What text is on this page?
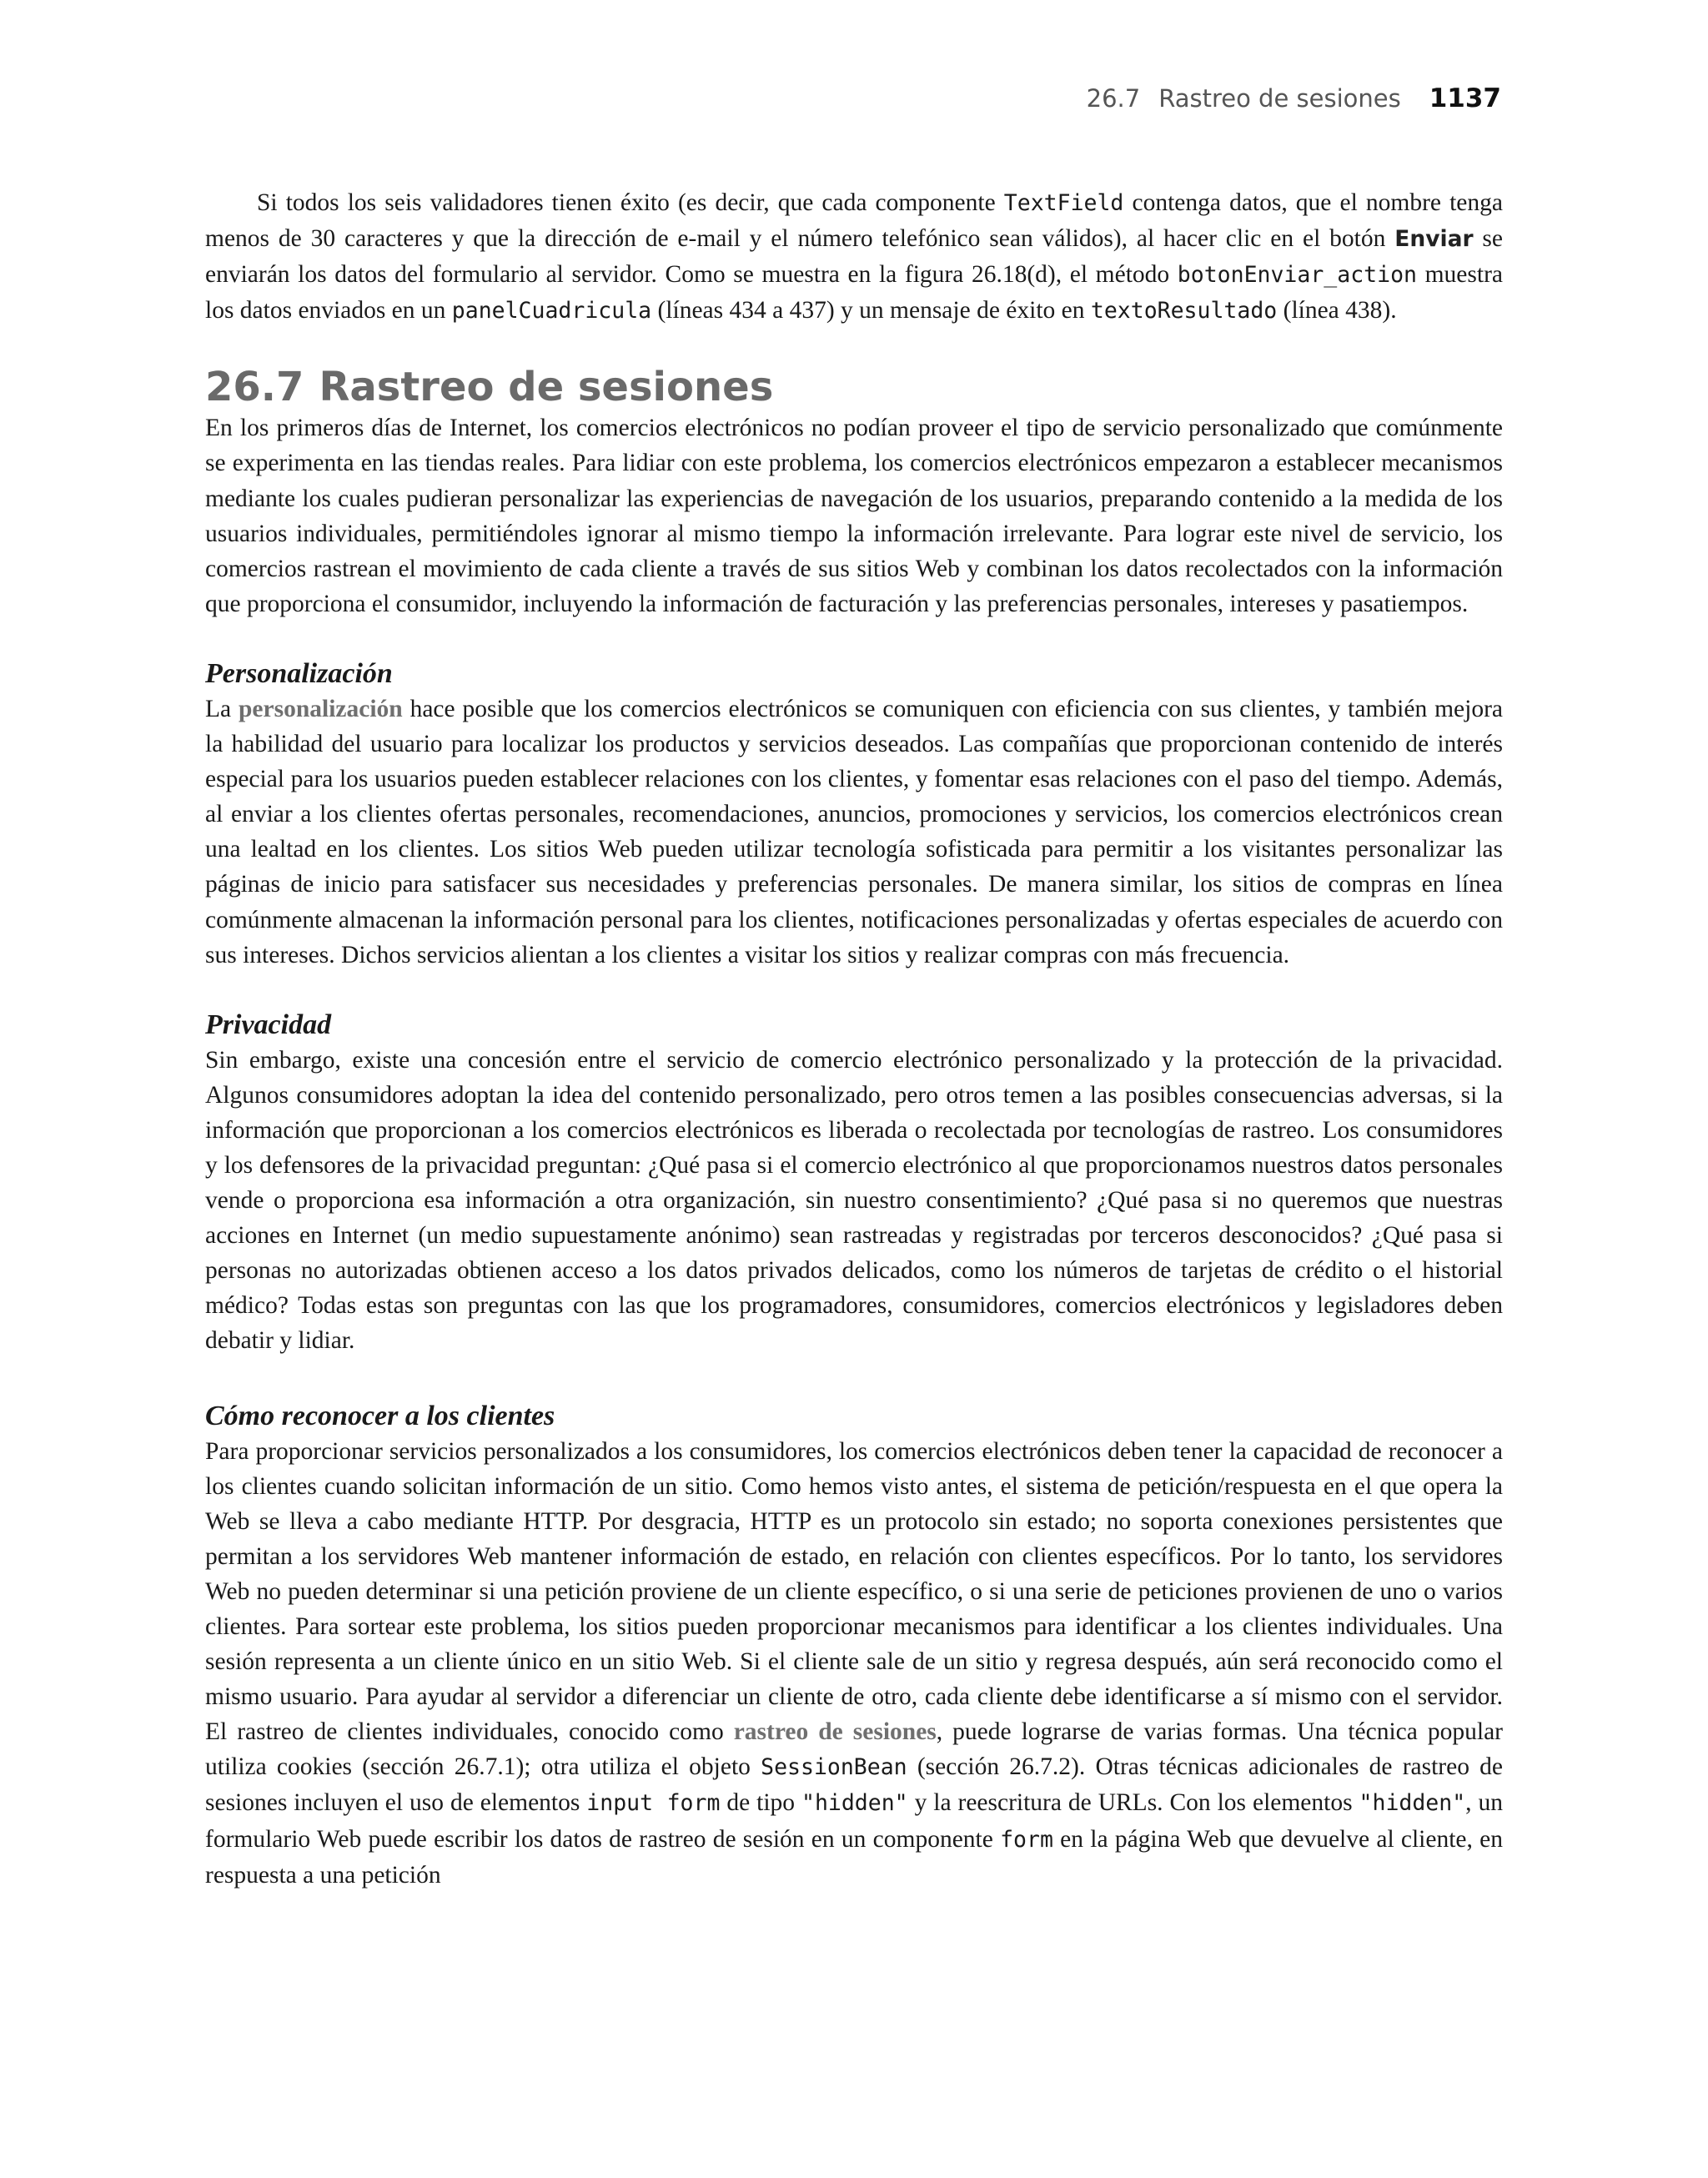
26.7 Rastreo de sesiones 1137

Si todos los seis validadores tienen éxito (es decir, que cada componente TextField contenga datos, que el nombre tenga menos de 30 caracteres y que la dirección de e-mail y el número telefónico sean válidos), al hacer clic en el botón Enviar se enviarán los datos del formulario al servidor. Como se muestra en la figura 26.18(d), el método botonEnviar_action muestra los datos enviados en un panelCuadricula (líneas 434 a 437) y un mensaje de éxito en textoResultado (línea 438).

26.7 Rastreo de sesiones

En los primeros días de Internet, los comercios electrónicos no podían proveer el tipo de servicio personalizado que comúnmente se experimenta en las tiendas reales. Para lidiar con este problema, los comercios electrónicos empezaron a establecer mecanismos mediante los cuales pudieran personalizar las experiencias de navegación de los usuarios, preparando contenido a la medida de los usuarios individuales, permitiéndoles ignorar al mismo tiempo la información irrelevante. Para lograr este nivel de servicio, los comercios rastrean el movimiento de cada cliente a través de sus sitios Web y combinan los datos recolectados con la información que proporciona el consumidor, incluyendo la información de facturación y las preferencias personales, intereses y pasatiempos.

Personalización

La personalización hace posible que los comercios electrónicos se comuniquen con eficiencia con sus clientes, y también mejora la habilidad del usuario para localizar los productos y servicios deseados. Las compañías que proporcionan contenido de interés especial para los usuarios pueden establecer relaciones con los clientes, y fomentar esas relaciones con el paso del tiempo. Además, al enviar a los clientes ofertas personales, recomendaciones, anuncios, promociones y servicios, los comercios electrónicos crean una lealtad en los clientes. Los sitios Web pueden utilizar tecnología sofisticada para permitir a los visitantes personalizar las páginas de inicio para satisfacer sus necesidades y preferencias personales. De manera similar, los sitios de compras en línea comúnmente almacenan la información personal para los clientes, notificaciones personalizadas y ofertas especiales de acuerdo con sus intereses. Dichos servicios alientan a los clientes a visitar los sitios y realizar compras con más frecuencia.

Privacidad

Sin embargo, existe una concesión entre el servicio de comercio electrónico personalizado y la protección de la privacidad. Algunos consumidores adoptan la idea del contenido personalizado, pero otros temen a las posibles consecuencias adversas, si la información que proporcionan a los comercios electrónicos es liberada o recolectada por tecnologías de rastreo. Los consumidores y los defensores de la privacidad preguntan: ¿Qué pasa si el comercio electrónico al que proporcionamos nuestros datos personales vende o proporciona esa información a otra organización, sin nuestro consentimiento? ¿Qué pasa si no queremos que nuestras acciones en Internet (un medio supuestamente anónimo) sean rastreadas y registradas por terceros desconocidos? ¿Qué pasa si personas no autorizadas obtienen acceso a los datos privados delicados, como los números de tarjetas de crédito o el historial médico? Todas estas son preguntas con las que los programadores, consumidores, comercios electrónicos y legisladores deben debatir y lidiar.

Cómo reconocer a los clientes

Para proporcionar servicios personalizados a los consumidores, los comercios electrónicos deben tener la capacidad de reconocer a los clientes cuando solicitan información de un sitio. Como hemos visto antes, el sistema de petición/respuesta en el que opera la Web se lleva a cabo mediante HTTP. Por desgracia, HTTP es un protocolo sin estado; no soporta conexiones persistentes que permitan a los servidores Web mantener información de estado, en relación con clientes específicos. Por lo tanto, los servidores Web no pueden determinar si una petición proviene de un cliente específico, o si una serie de peticiones provienen de uno o varios clientes. Para sortear este problema, los sitios pueden proporcionar mecanismos para identificar a los clientes individuales. Una sesión representa a un cliente único en un sitio Web. Si el cliente sale de un sitio y regresa después, aún será reconocido como el mismo usuario. Para ayudar al servidor a diferenciar un cliente de otro, cada cliente debe identificarse a sí mismo con el servidor. El rastreo de clientes individuales, conocido como rastreo de sesiones, puede lograrse de varias formas. Una técnica popular utiliza cookies (sección 26.7.1); otra utiliza el objeto SessionBean (sección 26.7.2). Otras técnicas adicionales de rastreo de sesiones incluyen el uso de elementos input form de tipo "hidden" y la reescritura de URLs. Con los elementos "hidden", un formulario Web puede escribir los datos de rastreo de sesión en un componente form en la página Web que devuelve al cliente, en respuesta a una petición
